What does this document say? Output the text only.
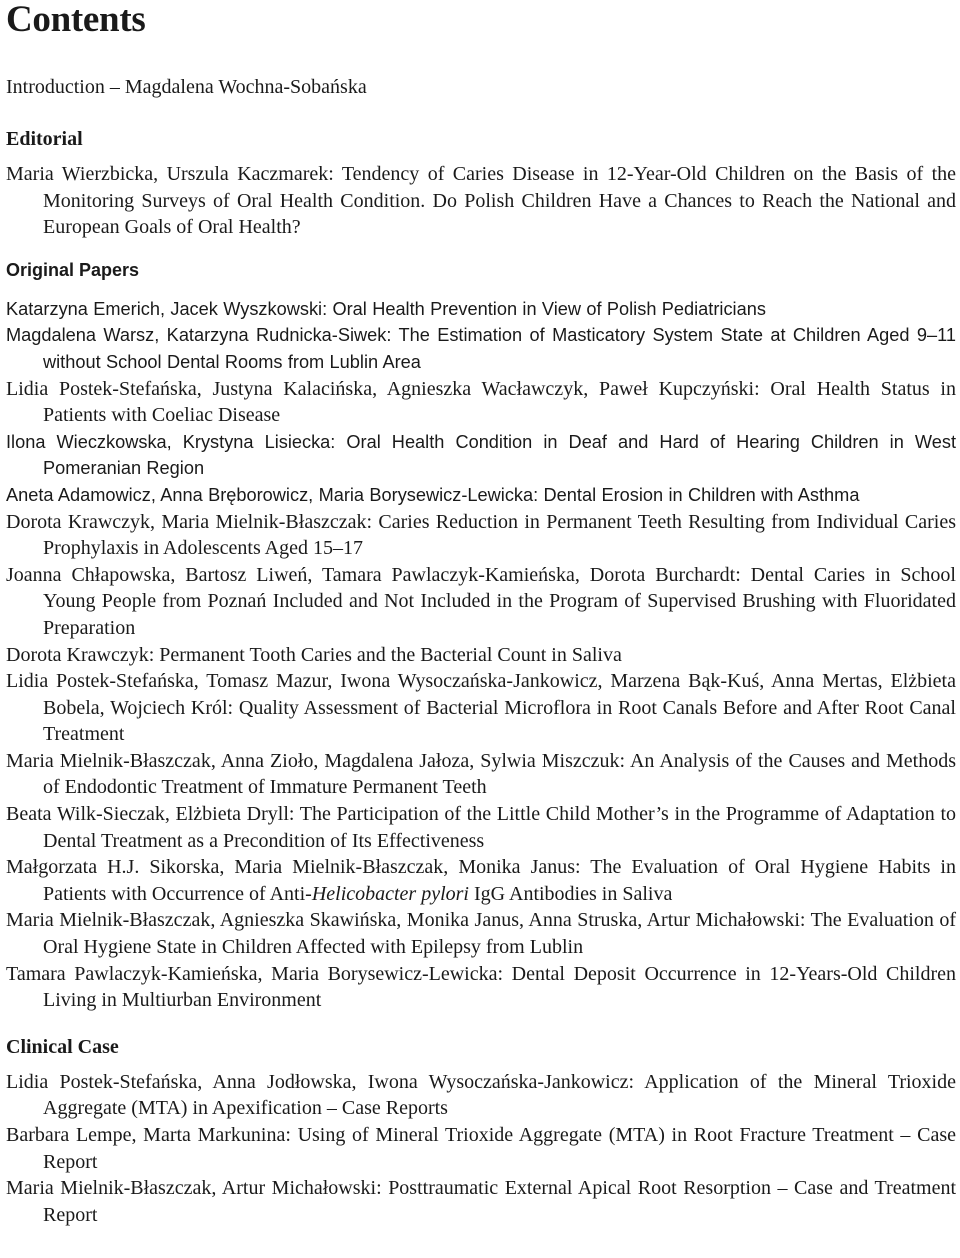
Contents
Introduction – Magdalena Wochna-Sobańska
Editorial
Maria Wierzbicka, Urszula Kaczmarek: Tendency of Caries Disease in 12-Year-Old Children on the Basis of the Monitoring Surveys of Oral Health Condition. Do Polish Children Have a Chances to Reach the National and European Goals of Oral Health?
Original Papers
Katarzyna Emerich, Jacek Wyszkowski: Oral Health Prevention in View of Polish Pediatricians
Magdalena Warsz, Katarzyna Rudnicka-Siwek: The Estimation of Masticatory System State at Children Aged 9–11 without School Dental Rooms from Lublin Area
Lidia Postek-Stefańska, Justyna Kalacińska, Agnieszka Wacławczyk, Paweł Kupczyński: Oral Health Status in Patients with Coeliac Disease
Ilona Wieczkowska, Krystyna Lisiecka: Oral Health Condition in Deaf and Hard of Hearing Children in West Pomeranian Region
Aneta Adamowicz, Anna Bręborowicz, Maria Borysewicz-Lewicka: Dental Erosion in Children with Asthma
Dorota Krawczyk, Maria Mielnik-Błaszczak: Caries Reduction in Permanent Teeth Resulting from Individual Caries Prophylaxis in Adolescents Aged 15–17
Joanna Chłapowska, Bartosz Liweń, Tamara Pawlaczyk-Kamieńska, Dorota Burchardt: Dental Caries in School Young People from Poznań Included and Not Included in the Program of Supervised Brushing with Fluoridated Preparation
Dorota Krawczyk: Permanent Tooth Caries and the Bacterial Count in Saliva
Lidia Postek-Stefańska, Tomasz Mazur, Iwona Wysoczańska-Jankowicz, Marzena Bąk-Kuś, Anna Mertas, Elżbieta Bobela, Wojciech Król: Quality Assessment of Bacterial Microflora in Root Canals Before and After Root Canal Treatment
Maria Mielnik-Błaszczak, Anna Zioło, Magdalena Jałoza, Sylwia Miszczuk: An Analysis of the Causes and Methods of Endodontic Treatment of Immature Permanent Teeth
Beata Wilk-Sieczak, Elżbieta Dryll: The Participation of the Little Child Mother’s in the Programme of Adaptation to Dental Treatment as a Precondition of Its Effectiveness
Małgorzata H.J. Sikorska, Maria Mielnik-Błaszczak, Monika Janus: The Evaluation of Oral Hygiene Habits in Patients with Occurrence of Anti-Helicobacter pylori IgG Antibodies in Saliva
Maria Mielnik-Błaszczak, Agnieszka Skawińska, Monika Janus, Anna Struska, Artur Michałowski: The Evaluation of Oral Hygiene State in Children Affected with Epilepsy from Lublin
Tamara Pawlaczyk-Kamieńska, Maria Borysewicz-Lewicka: Dental Deposit Occurrence in 12-Years-Old Children Living in Multiurban Environment
Clinical Case
Lidia Postek-Stefańska, Anna Jodłowska, Iwona Wysoczańska-Jankowicz: Application of the Mineral Trioxide Aggregate (MTA) in Apexification – Case Reports
Barbara Lempe, Marta Markunina: Using of Mineral Trioxide Aggregate (MTA) in Root Fracture Treatment – Case Report
Maria Mielnik-Błaszczak, Artur Michałowski: Posttraumatic External Apical Root Resorption – Case and Treatment Report
